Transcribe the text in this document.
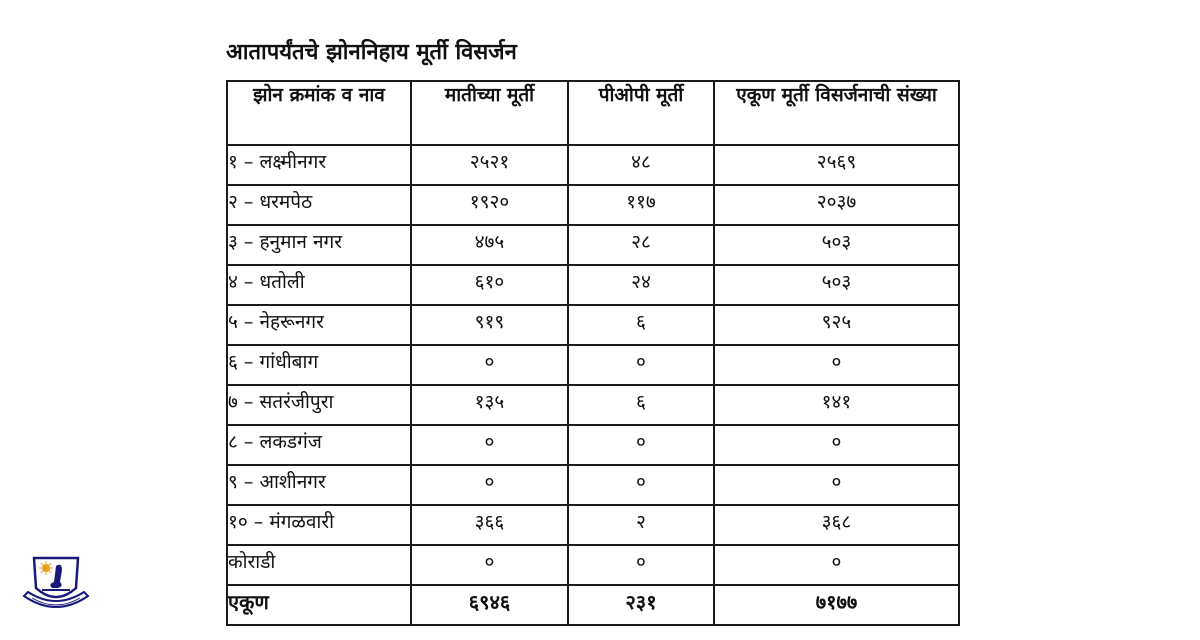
आतापर्यंतचे झोननिहाय मूर्ती विसर्जन
झोन क्रमांक व नाव	मातीच्या मूर्ती	पीओपी मूर्ती	एकूण मूर्ती विसर्जनाची संख्या
१ – लक्ष्मीनगर	२५२१	४८	२५६९
२ – धरमपेठ	१९२०	११७	२०३७
३ – हनुमान नगर	४७५	२८	५०३
४ – धतोली	६१०	२४	५०३
५ – नेहरूनगर	९१९	६	९२५
६ – गांधीबाग	०	०	०
७ – सतरंजीपुरा	१३५	६	१४१
८ – लकडगंज	०	०	०
९ – आशीनगर	०	०	०
१० – मंगळवारी	३६६	२	३६८
कोराडी	०	०	०
एकूण	६९४६	२३१	७१७७
